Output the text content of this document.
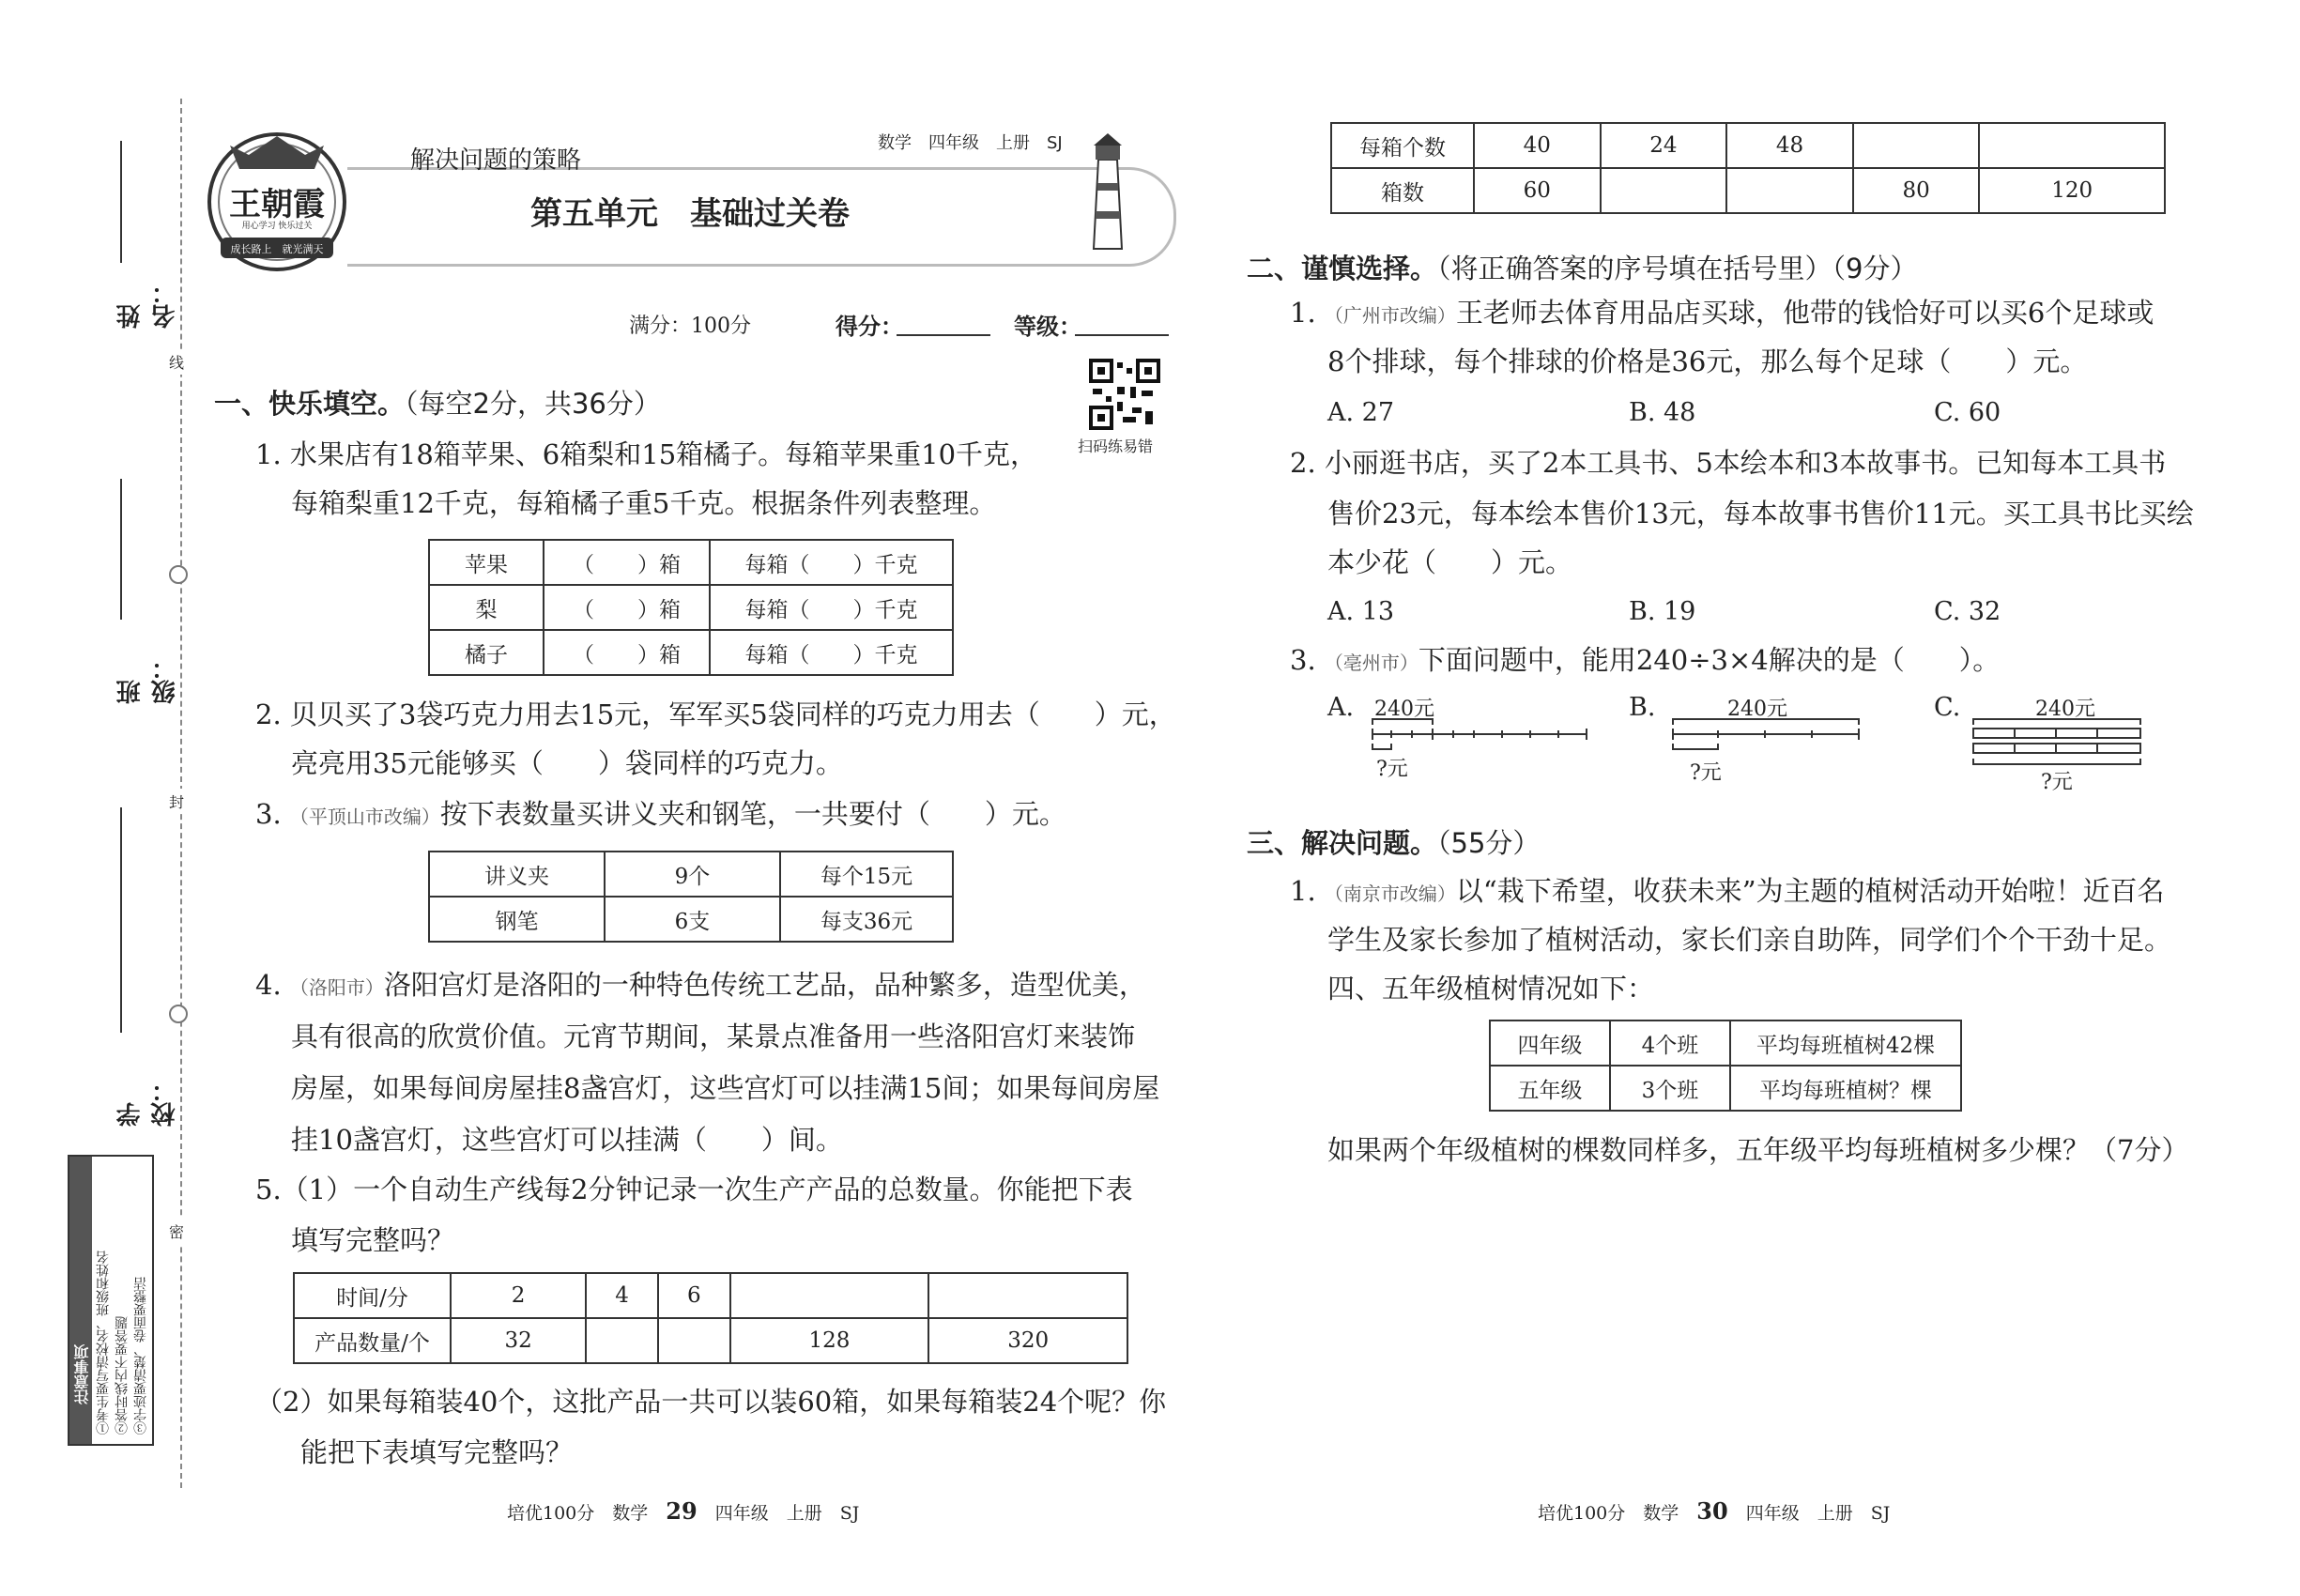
姓　名：
班　级：
学　校：
线
封
密
注意事项 ①考生要写清校名、班级和姓名 ②答时线内不要答题 ③字迹要清楚、卷面要整洁
王朝霞
用心学习 快乐过关
成长路上　就光满天
解决问题的策略
数学　四年级　上册　SJ
第五单元　基础过关卷
满分：100分	得分：	等级：
扫码练易错
一、快乐填空。（每空2分，共36分）
1. 水果店有18箱苹果、6箱梨和15箱橘子。每箱苹果重10千克，
每箱梨重12千克，每箱橘子重5千克。根据条件列表整理。
苹果	（　　）箱	每箱（　　）千克
梨	（　　）箱	每箱（　　）千克
橘子	（　　）箱	每箱（　　）千克
2. 贝贝买了3袋巧克力用去15元，军军买5袋同样的巧克力用去（　　）元，
亮亮用35元能够买（　　）袋同样的巧克力。
3. （平顶山市改编）按下表数量买讲义夹和钢笔，一共要付（　　）元。
讲义夹	9个	每个15元
钢笔	6支	每支36元
4. （洛阳市）洛阳宫灯是洛阳的一种特色传统工艺品，品种繁多，造型优美，
具有很高的欣赏价值。元宵节期间，某景点准备用一些洛阳宫灯来装饰
房屋，如果每间房屋挂8盏宫灯，这些宫灯可以挂满15间；如果每间房屋
挂10盏宫灯，这些宫灯可以挂满（　　）间。
5.（1）一个自动生产线每2分钟记录一次生产产品的总数量。你能把下表
填写完整吗？
时间/分	2	4	6		
产品数量/个	32			128	320
（2）如果每箱装40个，这批产品一共可以装60箱，如果每箱装24个呢？你
能把下表填写完整吗？
培优100分　数学　 29　 四年级　上册　SJ
每箱个数	40	24	48		
箱数	60			80	120
二、谨慎选择。（将正确答案的序号填在括号里）（9分）
1. （广州市改编）王老师去体育用品店买球，他带的钱恰好可以买6个足球或
8个排球，每个排球的价格是36元，那么每个足球（　　）元。
A. 27	B. 48	C. 60
2. 小丽逛书店，买了2本工具书、5本绘本和3本故事书。已知每本工具书
售价23元，每本绘本售价13元，每本故事书售价11元。买工具书比买绘
本少花（　　）元。
A. 13	B. 19	C. 32
3. （亳州市）下面问题中，能用240÷3×4解决的是（　　）。
A. 240元
?元
B.	240元
?元
C.	240元
?元
三、解决问题。（55分）
1. （南京市改编）以“栽下希望，收获未来”为主题的植树活动开始啦！近百名
学生及家长参加了植树活动，家长们亲自助阵，同学们个个干劲十足。
四、五年级植树情况如下：
四年级	4个班	平均每班植树42棵
五年级	3个班	平均每班植树？棵
如果两个年级植树的棵数同样多，五年级平均每班植树多少棵？（7分）
培优100分　数学　 30　 四年级　上册　SJ
